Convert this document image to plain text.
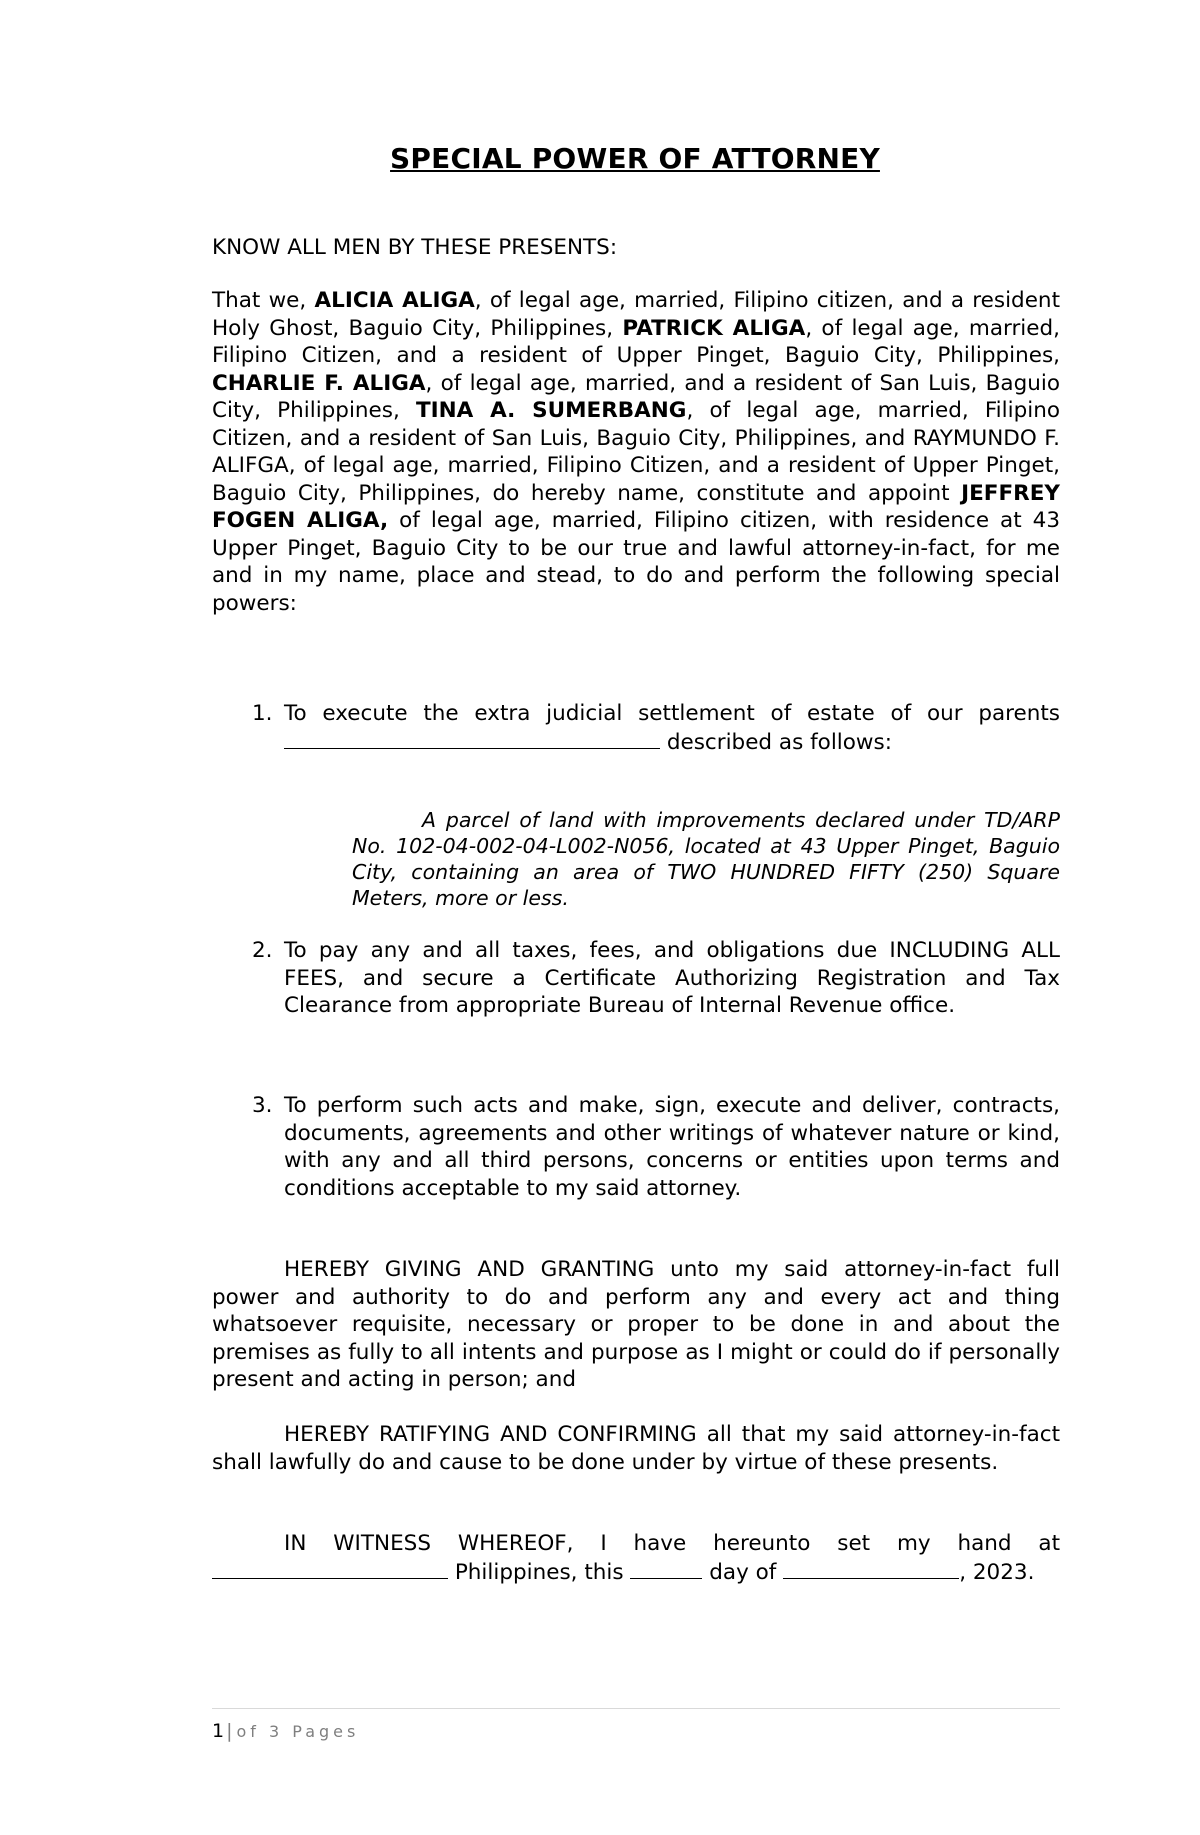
SPECIAL POWER OF ATTORNEY
KNOW ALL MEN BY THESE PRESENTS:
That we, ALICIA ALIGA, of legal age, married, Filipino citizen, and a resident Holy Ghost, Baguio City, Philippines, PATRICK ALIGA, of legal age, married, Filipino Citizen, and a resident of Upper Pinget, Baguio City, Philippines, CHARLIE F. ALIGA, of legal age, married, and a resident of San Luis, Baguio City, Philippines, TINA A. SUMERBANG, of legal age, married, Filipino Citizen, and a resident of San Luis, Baguio City, Philippines, and RAYMUNDO F. ALIFGA, of legal age, married, Filipino Citizen, and a resident of Upper Pinget, Baguio City, Philippines, do hereby name, constitute and appoint JEFFREY FOGEN ALIGA, of legal age, married, Filipino citizen, with residence at 43 Upper Pinget, Baguio City to be our true and lawful attorney-in-fact, for me and in my name, place and stead, to do and perform the following special powers:
1. To execute the extra judicial settlement of estate of our parents  described as follows:
A parcel of land with improvements declared under TD/ARP No. 102-04-002-04-L002-N056, located at 43 Upper Pinget, Baguio City, containing an area of TWO HUNDRED FIFTY (250) Square Meters, more or less.
2. To pay any and all taxes, fees, and obligations due INCLUDING ALL FEES, and secure a Certificate Authorizing Registration and Tax Clearance from appropriate Bureau of Internal Revenue office.
3. To perform such acts and make, sign, execute and deliver, contracts, documents, agreements and other writings of whatever nature or kind, with any and all third persons, concerns or entities upon terms and conditions acceptable to my said attorney.
HEREBY GIVING AND GRANTING unto my said attorney-in-fact full power and authority to do and perform any and every act and thing whatsoever requisite, necessary or proper to be done in and about the premises as fully to all intents and purpose as I might or could do if personally present and acting in person; and
HEREBY RATIFYING AND CONFIRMING all that my said attorney-in-fact shall lawfully do and cause to be done under by virtue of these presents.
IN WITNESS WHEREOF, I have hereunto set my hand at  Philippines, this	day of	, 2023.
1 | of 3 Pages
